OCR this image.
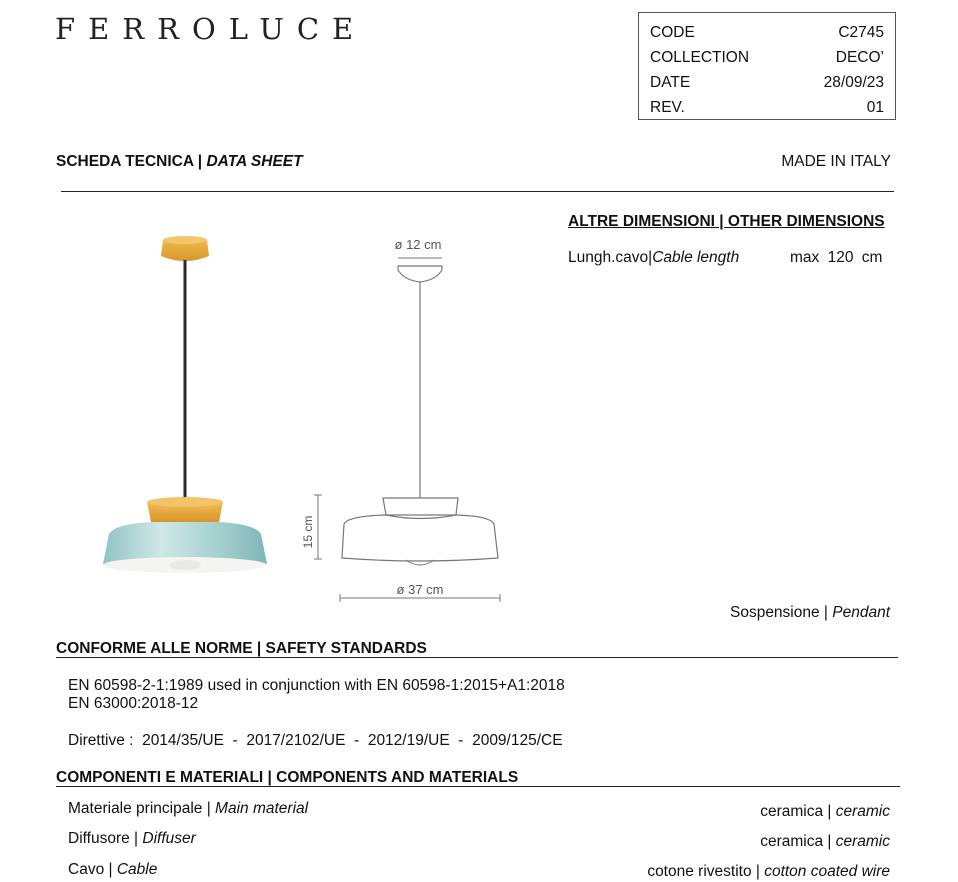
FERROLUCE	CODE	C2745
COLLECTION	DECO’
DATE	28/09/23
REV.	01
SCHEDA TECNICA | DATA SHEET	MADE IN ITALY
ø 12 cm
15 cm
ø 37 cm
ALTRE DIMENSIONI | OTHER DIMENSIONS
Lungh.cavo|Cable length	max 120 cm
Sospensione | Pendant
CONFORME ALLE NORME | SAFETY STANDARDS
EN 60598-2-1:1989 used in conjunction with EN 60598-1:2015+A1:2018
EN 63000:2018-12
Direttive :  2014/35/UE  -  2017/2102/UE  -  2012/19/UE  -  2009/125/CE
COMPONENTI E MATERIALI | COMPONENTS AND MATERIALS
Materiale principale | Main material	ceramica | ceramic
Diffusore | Diffuser	ceramica | ceramic
Cavo | Cable	cotone rivestito | cotton coated wire
